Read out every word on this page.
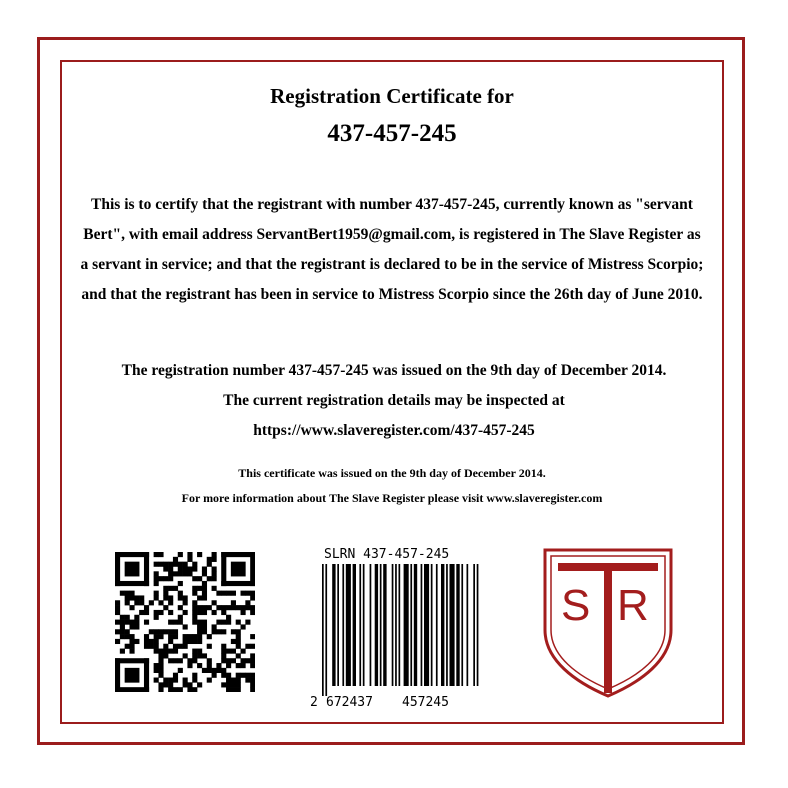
Registration Certificate for
437-457-245
This is to certify that the registrant with number 437-457-245, currently known as "servant Bert", with email address ServantBert1959@gmail.com, is registered in The Slave Register as a servant in service; and that the registrant is declared to be in the service of Mistress Scorpio; and that the registrant has been in service to Mistress Scorpio since the 26th day of June 2010.
The registration number 437-457-245 was issued on the 9th day of December 2014.
The current registration details may be inspected at
https://www.slaveregister.com/437-457-245
This certificate was issued on the 9th day of December 2014.
For more information about The Slave Register please visit www.slaveregister.com
SLRN 437-457-245
2 672437 457245
S R
T
